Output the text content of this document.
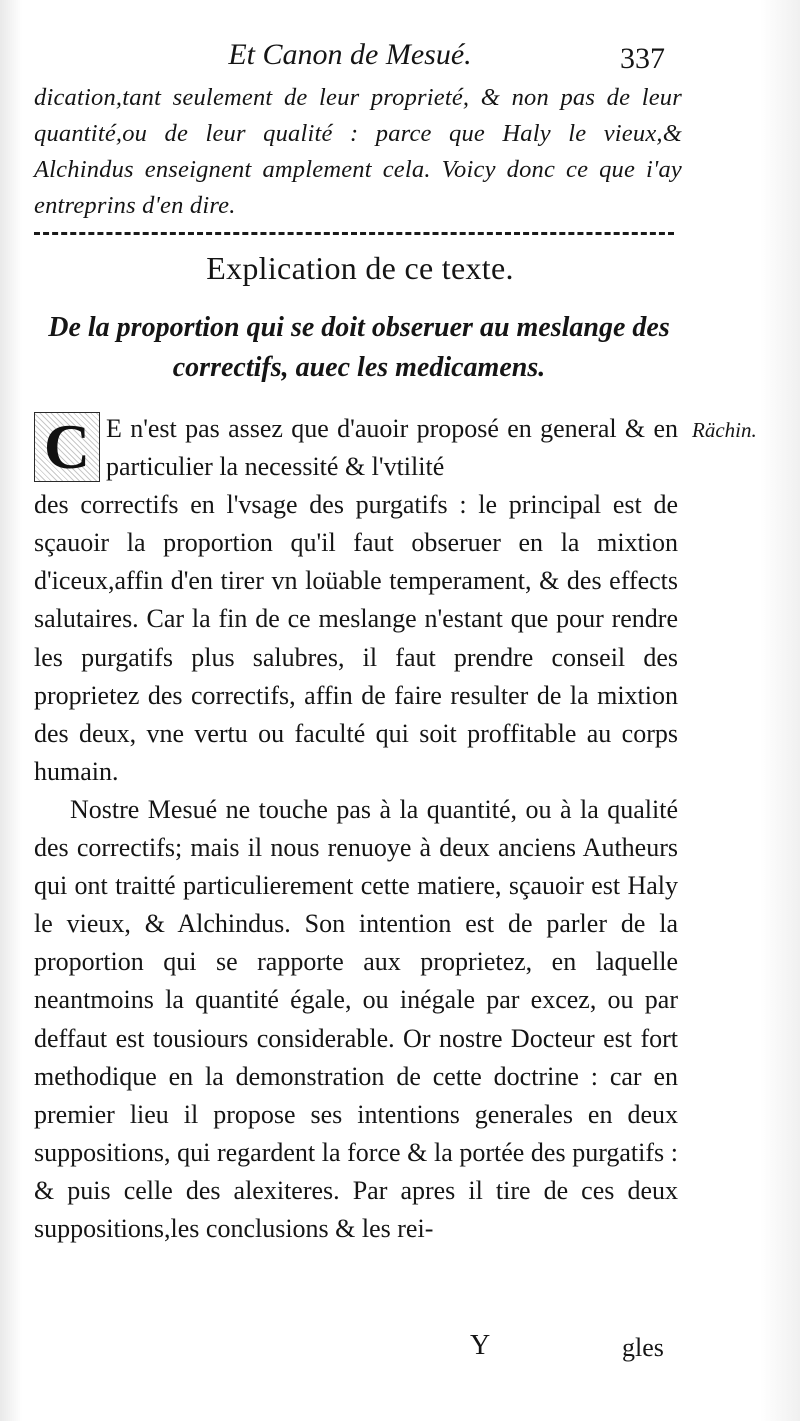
Et Canon de Mesué.	337
dication,tant seulement de leur proprieté, & non pas de leur quantité,ou de leur qualité : parce que Haly le vieux,& Alchindus enseignent amplement cela. Voicy donc ce que i'ay entreprins d'en dire.
Explication de ce texte.
De la proportion qui se doit obseruer au meslange des correctifs, auec les medicamens.
Rächin.
C E n'est pas assez que d'auoir proposé en general & en particulier la necessité & l'vtilité
des correctifs en l'vsage des purgatifs : le principal est de sçauoir la proportion qu'il faut obseruer en la mixtion d'iceux,affin d'en tirer vn loüable temperament, & des effects salutaires. Car la fin de ce meslange n'estant que pour rendre les purgatifs plus salubres, il faut prendre conseil des proprietez des correctifs, affin de faire resulter de la mixtion des deux, vne vertu ou faculté qui soit proffitable au corps humain.

Nostre Mesué ne touche pas à la quantité, ou à la qualité des correctifs; mais il nous renuoye à deux anciens Autheurs qui ont traitté particulierement cette matiere, sçauoir est Haly le vieux, & Alchindus. Son intention est de parler de la proportion qui se rapporte aux proprietez, en laquelle neantmoins la quantité égale, ou inégale par excez, ou par deffaut est tousiours considerable. Or nostre Docteur est fort methodique en la demonstration de cette doctrine : car en premier lieu il propose ses intentions generales en deux suppositions, qui regardent la force & la portée des purgatifs : & puis celle des alexiteres. Par apres il tire de ces deux suppositions,les conclusions & les rei-

Y	gles
